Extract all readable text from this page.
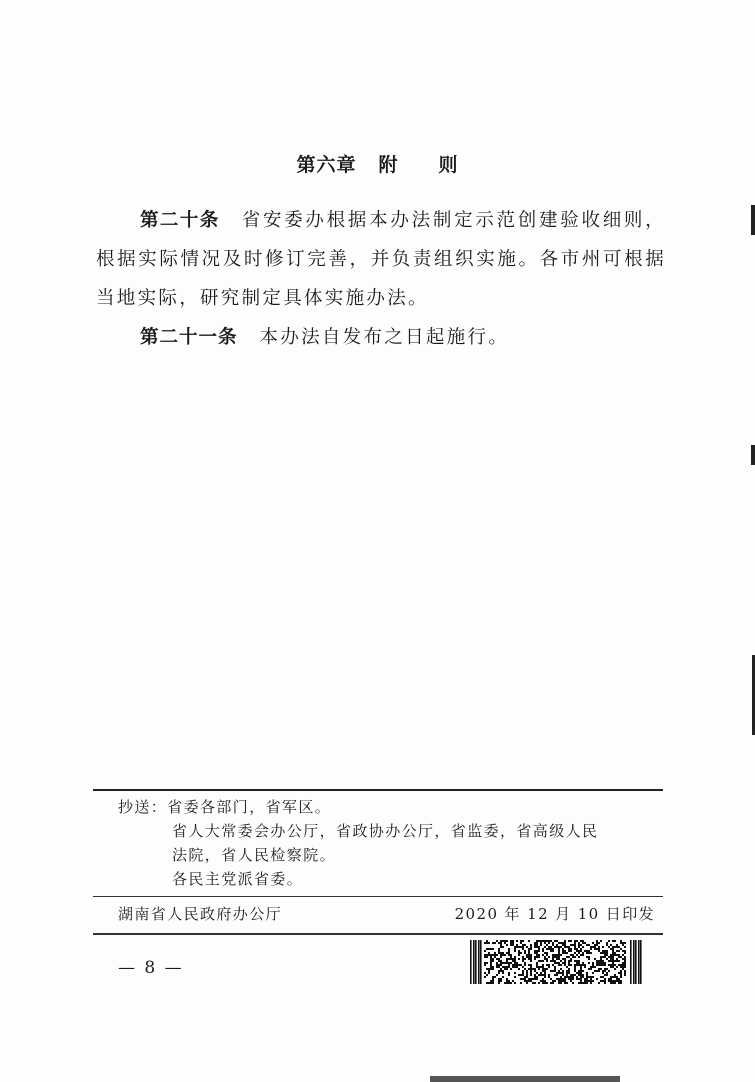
第六章 附　　则
第二十条 省安委办根据本办法制定示范创建验收细则，根据实际情况及时修订完善，并负责组织实施。各市州可根据当地实际，研究制定具体实施办法。
第二十一条 本办法自发布之日起施行。
抄送：省委各部门，省军区。
省人大常委会办公厅，省政协办公厅，省监委，省高级人民
法院，省人民检察院。
各民主党派省委。
湖南省人民政府办公厅	2020 年 12 月 10 日印发
— 8 —
